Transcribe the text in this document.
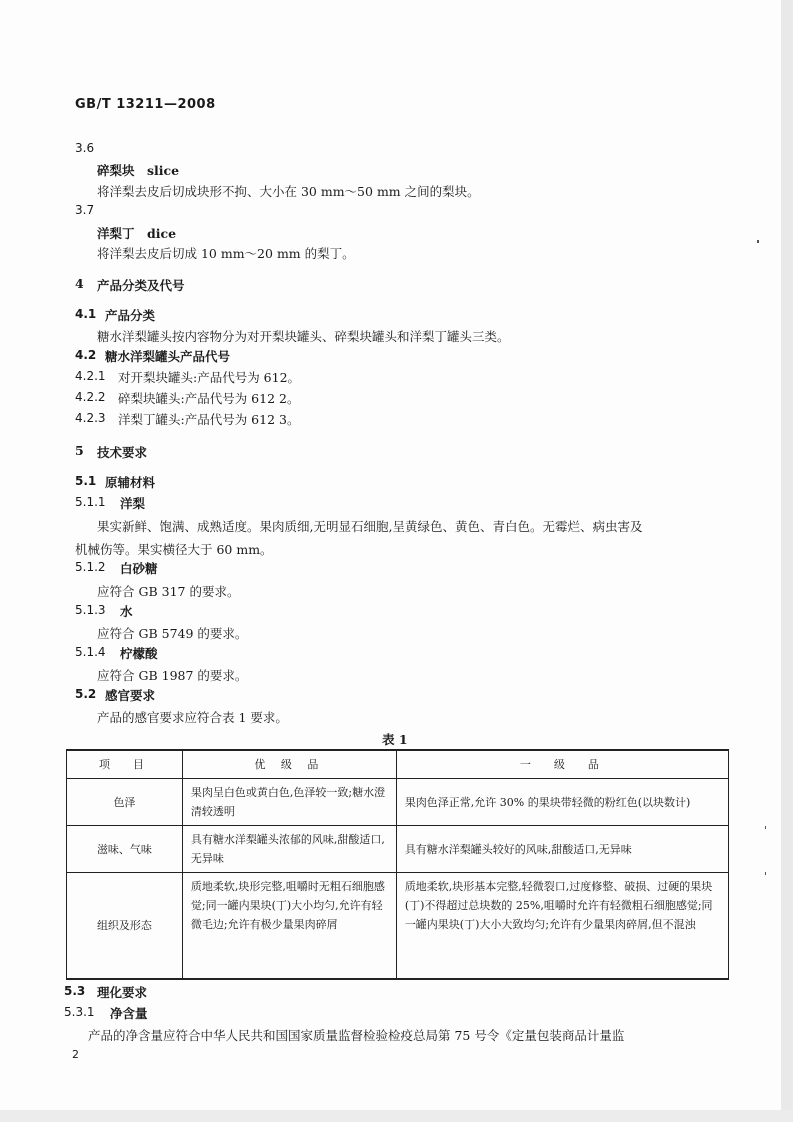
GB/T 13211—2008
3.6
碎梨块　slice
将洋梨去皮后切成块形不拘、大小在 30 mm～50 mm 之间的梨块。
3.7
洋梨丁　dice
将洋梨去皮后切成 10 mm～20 mm 的梨丁。
4 产品分类及代号
4.1 产品分类
糖水洋梨罐头按内容物分为对开梨块罐头、碎梨块罐头和洋梨丁罐头三类。
4.2 糖水洋梨罐头产品代号
4.2.1 对开梨块罐头:产品代号为 612。
4.2.2 碎梨块罐头:产品代号为 612 2。
4.2.3 洋梨丁罐头:产品代号为 612 3。
5 技术要求
5.1 原辅材料
5.1.1 洋梨
果实新鲜、饱满、成熟适度。果肉质细,无明显石细胞,呈黄绿色、黄色、青白色。无霉烂、病虫害及
机械伤等。果实横径大于 60 mm。
5.1.2 白砂糖
应符合 GB 317 的要求。
5.1.3 水
应符合 GB 5749 的要求。
5.1.4 柠檬酸
应符合 GB 1987 的要求。
5.2 感官要求
产品的感官要求应符合表 1 要求。
表 1
项　目	优 级 品	一　级　品
色泽	果肉呈白色或黄白色,色泽较一致;糖水澄清较透明	果肉色泽正常,允许 30% 的果块带轻微的粉红色(以块数计)
滋味、气味	具有糖水洋梨罐头浓郁的风味,甜酸适口,无异味	具有糖水洋梨罐头较好的风味,甜酸适口,无异味
组织及形态	质地柔软,块形完整,咀嚼时无粗石细胞感觉;同一罐内果块(丁)大小均匀,允许有轻微毛边;允许有极少量果肉碎屑	质地柔软,块形基本完整,轻微裂口,过度修整、破损、过硬的果块(丁)不得超过总块数的 25%,咀嚼时允许有轻微粗石细胞感觉;同一罐内果块(丁)大小大致均匀;允许有少量果肉碎屑,但不混浊
5.3 理化要求
5.3.1 净含量
产品的净含量应符合中华人民共和国国家质量监督检验检疫总局第 75 号令《定量包装商品计量监
2
